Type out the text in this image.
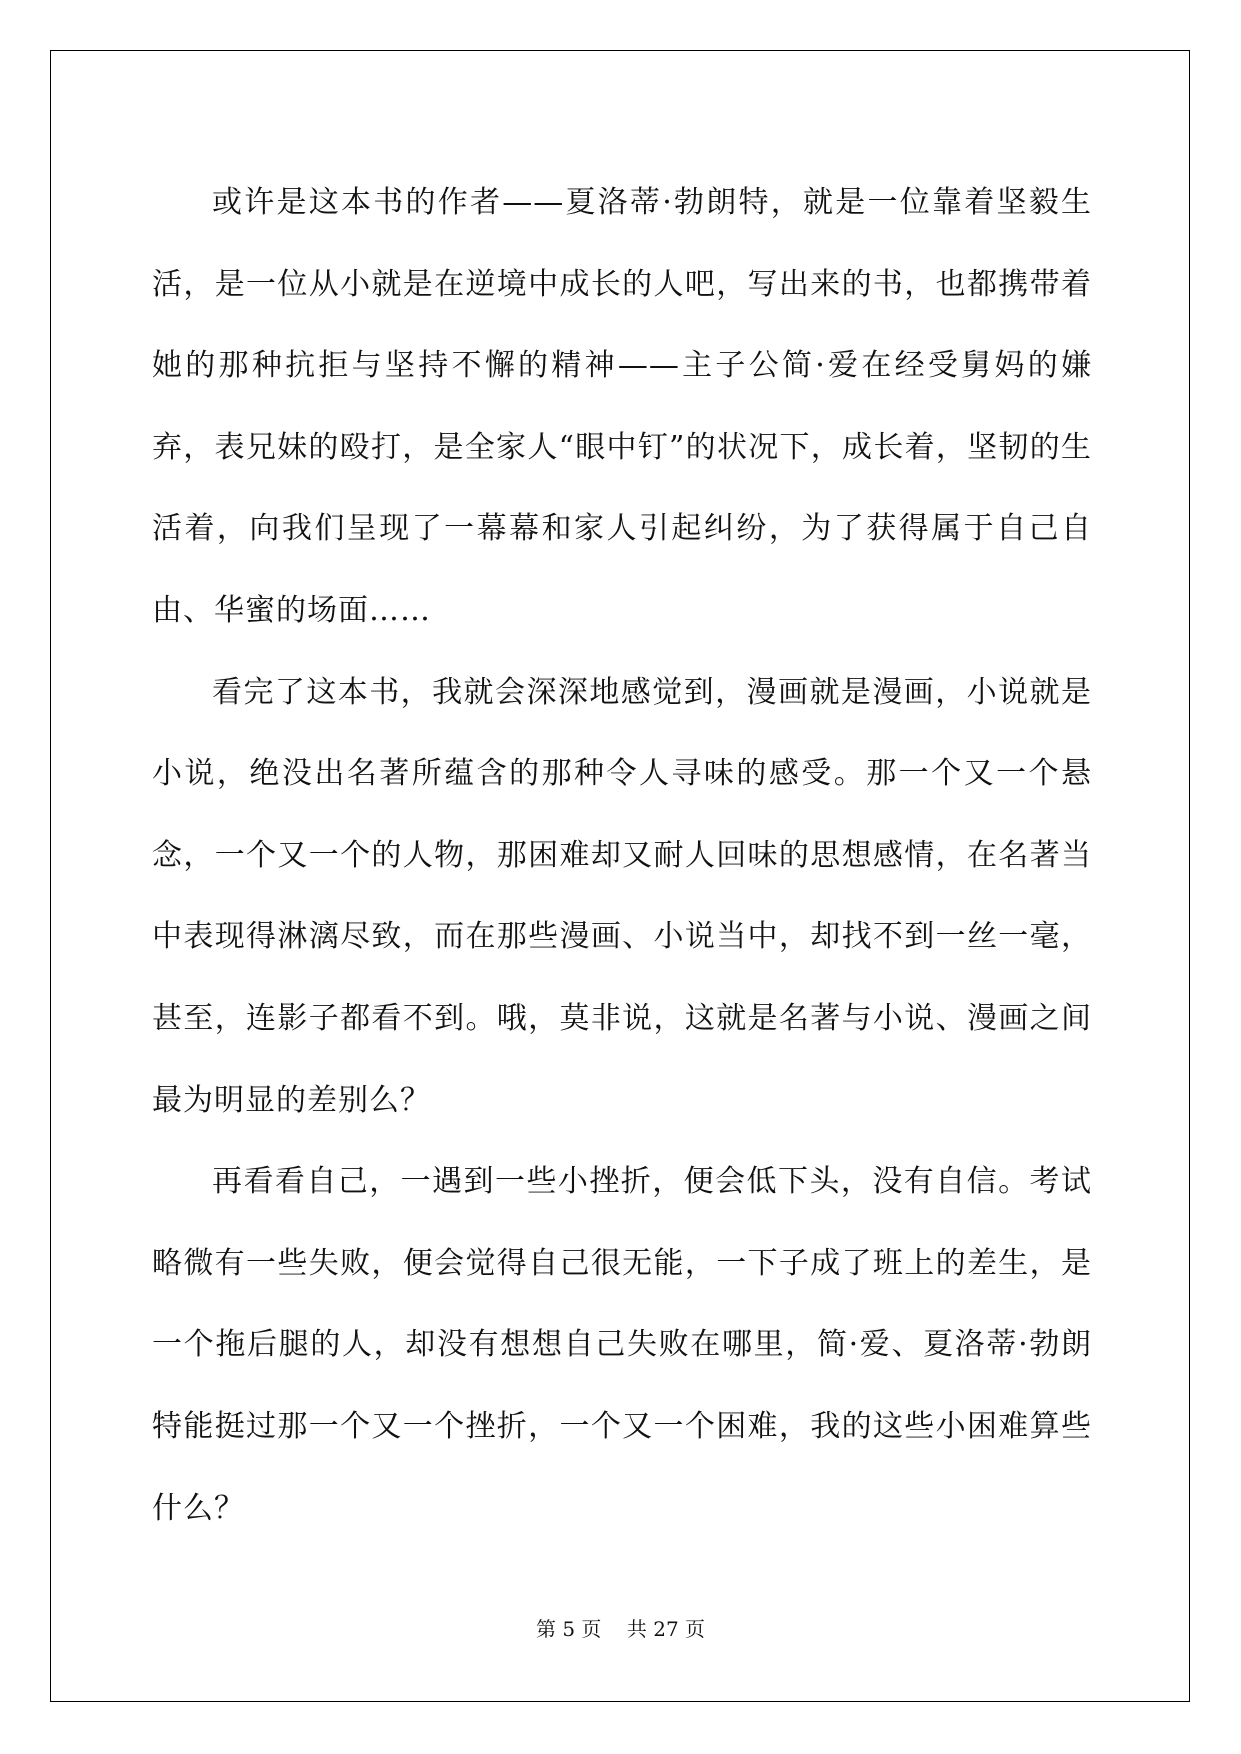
或许是这本书的作者——夏洛蒂·勃朗特，就是一位靠着坚毅生活，是一位从小就是在逆境中成长的人吧，写出来的书，也都携带着她的那种抗拒与坚持不懈的精神——主子公简·爱在经受舅妈的嫌弃，表兄妹的殴打，是全家人“眼中钉”的状况下，成长着，坚韧的生活着，向我们呈现了一幕幕和家人引起纠纷，为了获得属于自己自由、华蜜的场面……

看完了这本书，我就会深深地感觉到，漫画就是漫画，小说就是小说，绝没出名著所蕴含的那种令人寻味的感受。那一个又一个悬念，一个又一个的人物，那困难却又耐人回味的思想感情，在名著当中表现得淋漓尽致，而在那些漫画、小说当中，却找不到一丝一毫，甚至，连影子都看不到。哦，莫非说，这就是名著与小说、漫画之间最为明显的差别么？

再看看自己，一遇到一些小挫折，便会低下头，没有自信。考试略微有一些失败，便会觉得自己很无能，一下子成了班上的差生，是一个拖后腿的人，却没有想想自己失败在哪里，简·爱、夏洛蒂·勃朗特能挺过那一个又一个挫折，一个又一个困难，我的这些小困难算些什么？

第 5 页 共 27 页
